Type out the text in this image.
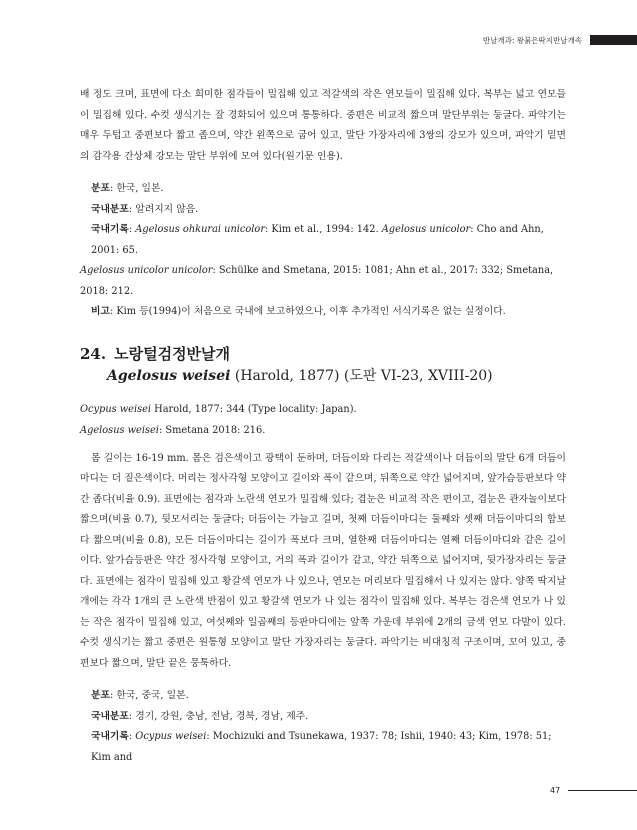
반날개과: 왕붉은딱지반날개속

배 정도 크며, 표면에 다소 희미한 점각들이 밀집해 있고 적갈색의 작은 연모들이 밀집해 있다. 복부는 넓고 연모들이 밀집해 있다. 수컷 생식기는 잘 경화되어 있으며 통통하다. 중편은 비교적 짧으며 말단부위는 둥글다. 파악기는 매우 두텁고 중편보다 짧고 좁으며, 약간 왼쪽으로 굽어 있고, 말단 가장자리에 3쌍의 강모가 있으며, 파악기 밑면의 감각용 간상체 강모는 말단 부위에 모여 있다(원기문 인용).

분포: 한국, 일본.

국내분포: 알려지지 않음.

국내기록: Agelosus ohkurai unicolor: Kim et al., 1994: 142. Agelosus unicolor: Cho and Ahn, 2001: 65.

Agelosus unicolor unicolor: Schülke and Smetana, 2015: 1081; Ahn et al., 2017: 332; Smetana, 2018: 212.

비고: Kim 등(1994)이 처음으로 국내에 보고하였으나, 이후 추가적인 서식기록은 없는 실정이다.

24. 노랑털검정반날개

Agelosus weisei (Harold, 1877) (도판 VI-23, XVIII-20)

Ocypus weisei Harold, 1877: 344 (Type locality: Japan).

Agelosus weisei: Smetana 2018: 216.

몸 길이는 16-19 mm. 몸은 검은색이고 광택이 둔하며, 더듬이와 다리는 적갈색이나 더듬이의 말단 6개 더듬이마디는 더 짙은색이다. 머리는 정사각형 모양이고 길이와 폭이 같으며, 뒤쪽으로 약간 넓어지며, 앞가슴등판보다 약간 좁다(비율 0.9). 표면에는 점각과 노란색 연모가 밀집해 있다; 겹눈은 비교적 작은 편이고, 겹눈은 관자놀이보다 짧으며(비율 0.7), 뒷모서리는 둥글다; 더듬이는 가늘고 길며, 첫째 더듬이마디는 둘째와 셋째 더듬이마디의 합보다 짧으며(비율 0.8), 모든 더듬이마디는 길이가 폭보다 크며, 열한째 더듬이마디는 열째 더듬이마디와 같은 길이이다. 앞가슴등판은 약간 정사각형 모양이고, 거의 폭과 길이가 같고, 약간 뒤쪽으로 넓어지며, 뒷가장자리는 둥글다. 표면에는 점각이 밀집해 있고 황갈색 연모가 나 있으나, 연모는 머리보다 밀집해서 나 있지는 않다. 양쪽 딱지날개에는 각각 1개의 큰 노란색 반점이 있고 황갈색 연모가 나 있는 점각이 밀집해 있다. 복부는 검은색 연모가 나 있는 작은 점각이 밀집해 있고, 여섯째와 일곱째의 등판마디에는 앞쪽 가운데 부위에 2개의 금색 연모 다발이 있다. 수컷 생식기는 짧고 중편은 원통형 모양이고 말단 가장자리는 둥글다. 파악기는 비대칭적 구조이며, 꼬여 있고, 중편보다 짧으며, 말단 끝은 뭉툭하다.

분포: 한국, 중국, 일본.

국내분포: 경기, 강원, 충남, 전남, 경북, 경남, 제주.

국내기록: Ocypus weisei: Mochizuki and Tsunekawa, 1937: 78; Ishii, 1940: 43; Kim, 1978: 51; Kim and

47
